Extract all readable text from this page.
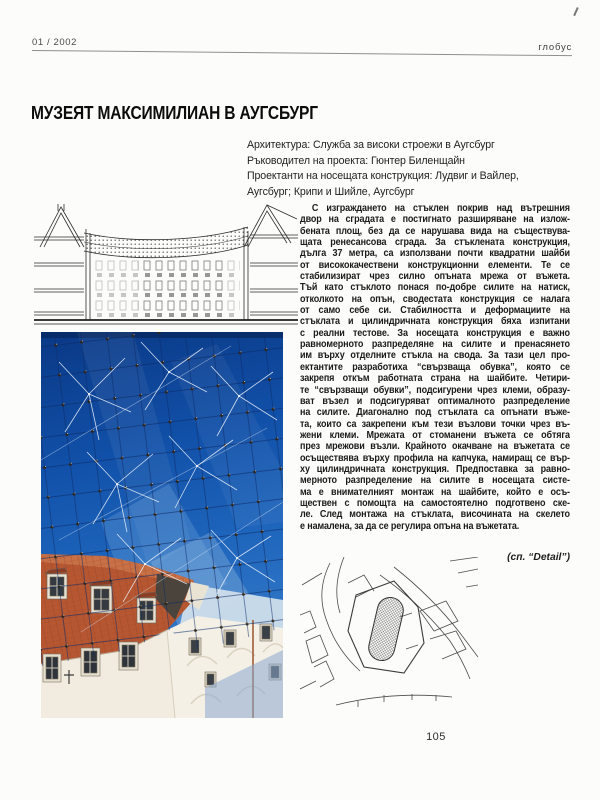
01 / 2002	глобус
МУЗЕЯТ МАКСИМИЛИАН В АУГСБУРГ
Архитектура: Служба за високи строежи в Аугсбург
Ръководител на проекта: Гюнтер Биленщайн
Проектанти на носещата конструкция: Лудвиг и Вайлер,
Аугсбург; Крипи и Шийле, Аугсбург
С изграждането на стъклен покрив над вътрешния
двор на сградата е постигнато разширяване на излож-
бената площ, без да се нарушава вида на съществува-
щата ренесансова сграда. За стъклената конструкция,
дълга 37 метра, са използвани почти квадратни шайби
от висококачествени конструкционни елементи. Те се
стабилизират чрез силно опъната мрежа от въжета.
Тъй като стъклото понася по-добре силите на натиск,
отколкото на опън, сводестата конструкция се налага
от само себе си. Стабилността и деформациите на
стъклата и цилиндричната конструкция бяха изпитани
с реални тестове. За носещата конструкция е важно
равномерното разпределяне на силите и пренасянето
им върху отделните стъкла на свода. За тази цел про-
ектантите разработиха “свързваща обувка”, която се
закрепя откъм работната страна на шайбите. Четири-
те “свързващи обувки”, подсигурени чрез клеми, образу-
ват възел и подсигуряват оптималното разпределение
на силите. Диагонално под стъклата са опънати въже-
та, които са закрепени към тези възлови точки чрез въ-
жени клеми. Мрежата от стоманени въжета се обтяга
през мрежови възли. Крайното окачване на въжетата се
осъществява върху профила на капчука, намиращ се вър-
ху цилиндричната конструкция. Предпоставка за равно-
мерното разпределение на силите в носещата систе-
ма е внимателният монтаж на шайбите, който е осъ-
ществен с помощта на самостоятелно подготвено ске-
ле. След монтажа на стъклата, височината на скелето
е намалена, за да се регулира опъна на въжетата.
(сп. “Detail”)
105
